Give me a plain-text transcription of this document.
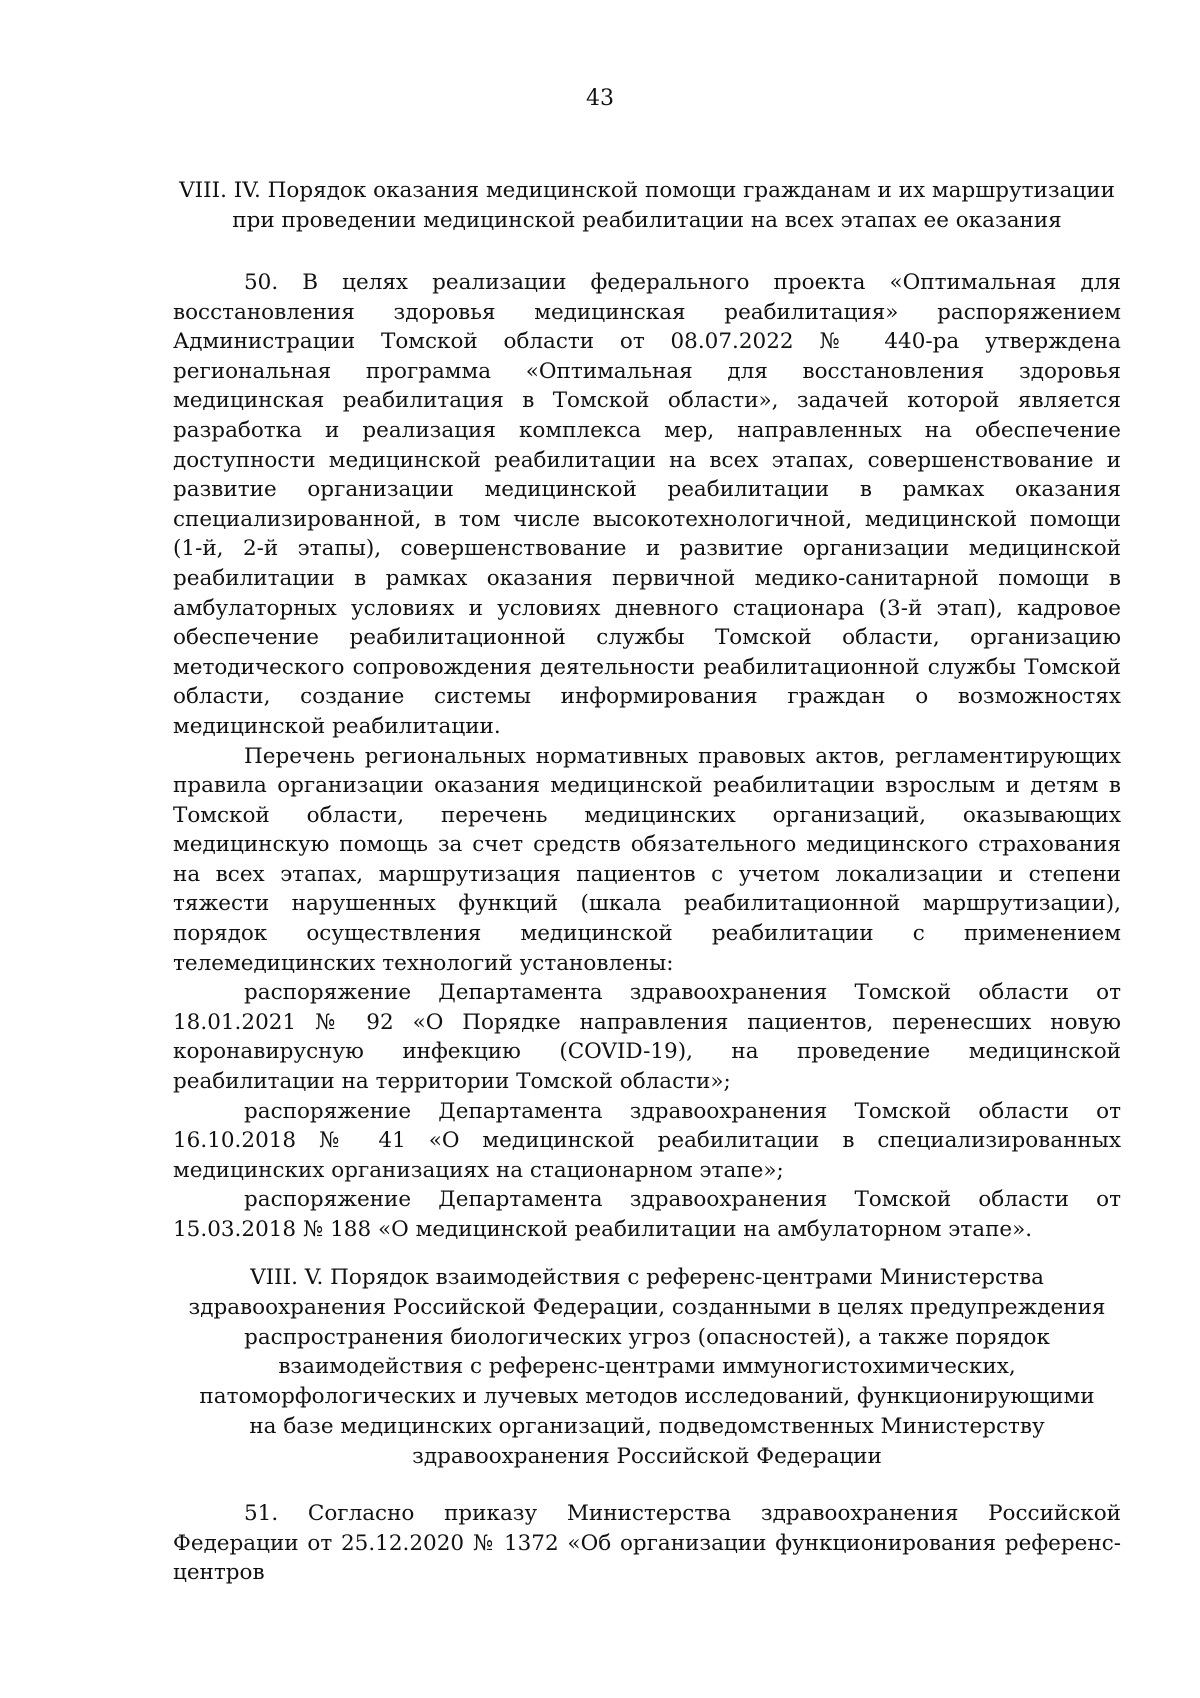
43
VIII. IV. Порядок оказания медицинской помощи гражданам и их маршрутизации
при проведении медицинской реабилитации на всех этапах ее оказания

50. В целях реализации федерального проекта «Оптимальная для восстановления здоровья медицинская реабилитация» распоряжением Администрации Томской области от 08.07.2022 № 440-ра утверждена региональная программа «Оптимальная для восстановления здоровья медицинская реабилитация в Томской области», задачей которой является разработка и реализация комплекса мер, направленных на обеспечение доступности медицинской реабилитации на всех этапах, совершенствование и развитие организации медицинской реабилитации в рамках оказания специализированной, в том числе высокотехнологичной, медицинской помощи (1-й, 2-й этапы), совершенствование и развитие организации медицинской реабилитации в рамках оказания первичной медико-санитарной помощи в амбулаторных условиях и условиях дневного стационара (3-й этап), кадровое обеспечение реабилитационной службы Томской области, организацию методического сопровождения деятельности реабилитационной службы Томской области, создание системы информирования граждан о возможностях медицинской реабилитации.

Перечень региональных нормативных правовых актов, регламентирующих правила организации оказания медицинской реабилитации взрослым и детям в Томской области, перечень медицинских организаций, оказывающих медицинскую помощь за счет средств обязательного медицинского страхования на всех этапах, маршрутизация пациентов с учетом локализации и степени тяжести нарушенных функций (шкала реабилитационной маршрутизации), порядок осуществления медицинской реабилитации с применением телемедицинских технологий установлены:

распоряжение Департамента здравоохранения Томской области от 18.01.2021 № 92 «О Порядке направления пациентов, перенесших новую коронавирусную инфекцию (COVID-19), на проведение медицинской реабилитации на территории Томской области»;

распоряжение Департамента здравоохранения Томской области от 16.10.2018 № 41 «О медицинской реабилитации в специализированных медицинских организациях на стационарном этапе»;

распоряжение Департамента здравоохранения Томской области от 15.03.2018 № 188 «О медицинской реабилитации на амбулаторном этапе».

VIII. V. Порядок взаимодействия с референс-центрами Министерства
здравоохранения Российской Федерации, созданными в целях предупреждения
распространения биологических угроз (опасностей), а также порядок
взаимодействия с референс-центрами иммуногистохимических,
патоморфологических и лучевых методов исследований, функционирующими
на базе медицинских организаций, подведомственных Министерству
здравоохранения Российской Федерации

51. Согласно приказу Министерства здравоохранения Российской Федерации от 25.12.2020 № 1372 «Об организации функционирования референс-центров
